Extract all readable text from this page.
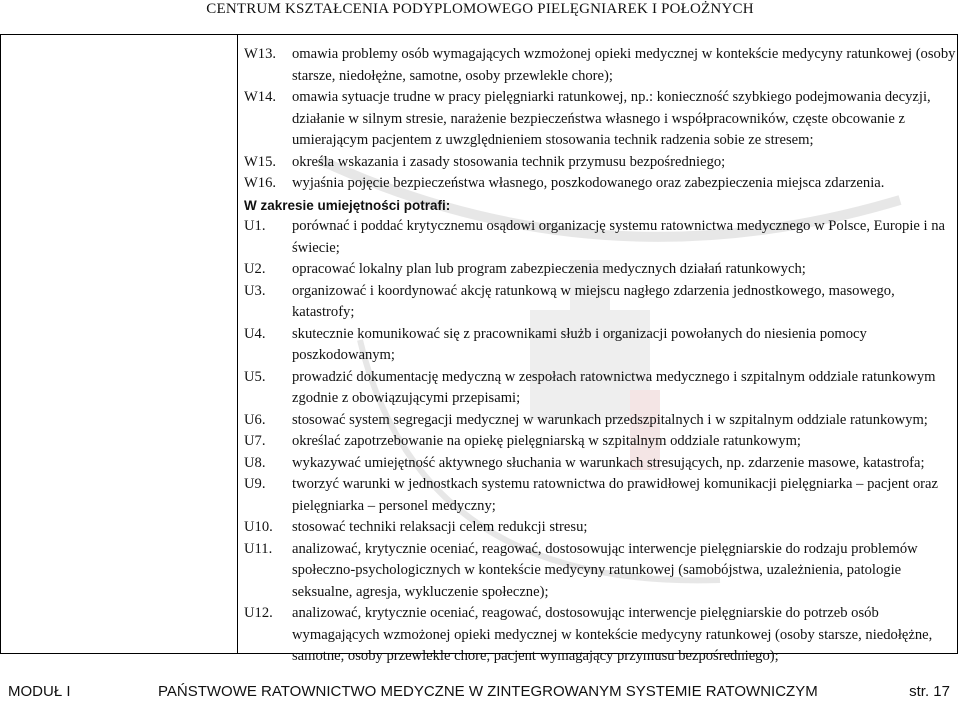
CENTRUM KSZTAŁCENIA PODYPLOMOWEGO PIELĘGNIAREK I POŁOŻNYCH
W13.	omawia problemy osób wymagających wzmożonej opieki medycznej w kontekście medycyny ratunkowej (osoby starsze, niedołężne, samotne, osoby przewlekle chore);
W14.	omawia sytuacje trudne w pracy pielęgniarki ratunkowej, np.: konieczność szybkiego podejmowania decyzji, działanie w silnym stresie, narażenie bezpieczeństwa własnego i współpracowników, częste obcowanie z umierającym pacjentem z uwzględnieniem stosowania technik radzenia sobie ze stresem;
W15.	określa wskazania i zasady stosowania technik przymusu bezpośredniego;
W16.	wyjaśnia pojęcie bezpieczeństwa własnego, poszkodowanego oraz zabezpieczenia miejsca zdarzenia.
W zakresie umiejętności potrafi:
U1.	porównać i poddać krytycznemu osądowi organizację systemu ratownictwa medycznego w Polsce, Europie i na świecie;
U2.	opracować lokalny plan lub program zabezpieczenia medycznych działań ratunkowych;
U3.	organizować i koordynować akcję ratunkową w miejscu nagłego zdarzenia jednostkowego, masowego, katastrofy;
U4.	skutecznie komunikować się z pracownikami służb i organizacji powołanych do niesienia pomocy poszkodowanym;
U5.	prowadzić dokumentację medyczną w zespołach ratownictwa medycznego i szpitalnym oddziale ratunkowym zgodnie z obowiązującymi przepisami;
U6.	stosować system segregacji medycznej w warunkach przedszpitalnych i w szpitalnym oddziale ratunkowym;
U7.	określać zapotrzebowanie na opiekę pielęgniarską w szpitalnym oddziale ratunkowym;
U8.	wykazywać umiejętność aktywnego słuchania w warunkach stresujących, np. zdarzenie masowe, katastrofa;
U9.	tworzyć warunki w jednostkach systemu ratownictwa do prawidłowej komunikacji pielęgniarka – pacjent oraz pielęgniarka – personel medyczny;
U10.	stosować techniki relaksacji celem redukcji stresu;
U11.	analizować, krytycznie oceniać, reagować, dostosowując interwencje pielęgniarskie do rodzaju problemów społeczno-psychologicznych w kontekście medycyny ratunkowej (samobójstwa, uzależnienia, patologie seksualne, agresja, wykluczenie społeczne);
U12.	analizować, krytycznie oceniać, reagować, dostosowując interwencje pielęgniarskie do potrzeb osób wymagających wzmożonej opieki medycznej w kontekście medycyny ratunkowej (osoby starsze, niedołężne, samotne, osoby przewlekle chore, pacjent wymagający przymusu bezpośredniego);
MODUŁ I	PAŃSTWOWE RATOWNICTWO MEDYCZNE W ZINTEGROWANYM SYSTEMIE RATOWNICZYM	str. 17
